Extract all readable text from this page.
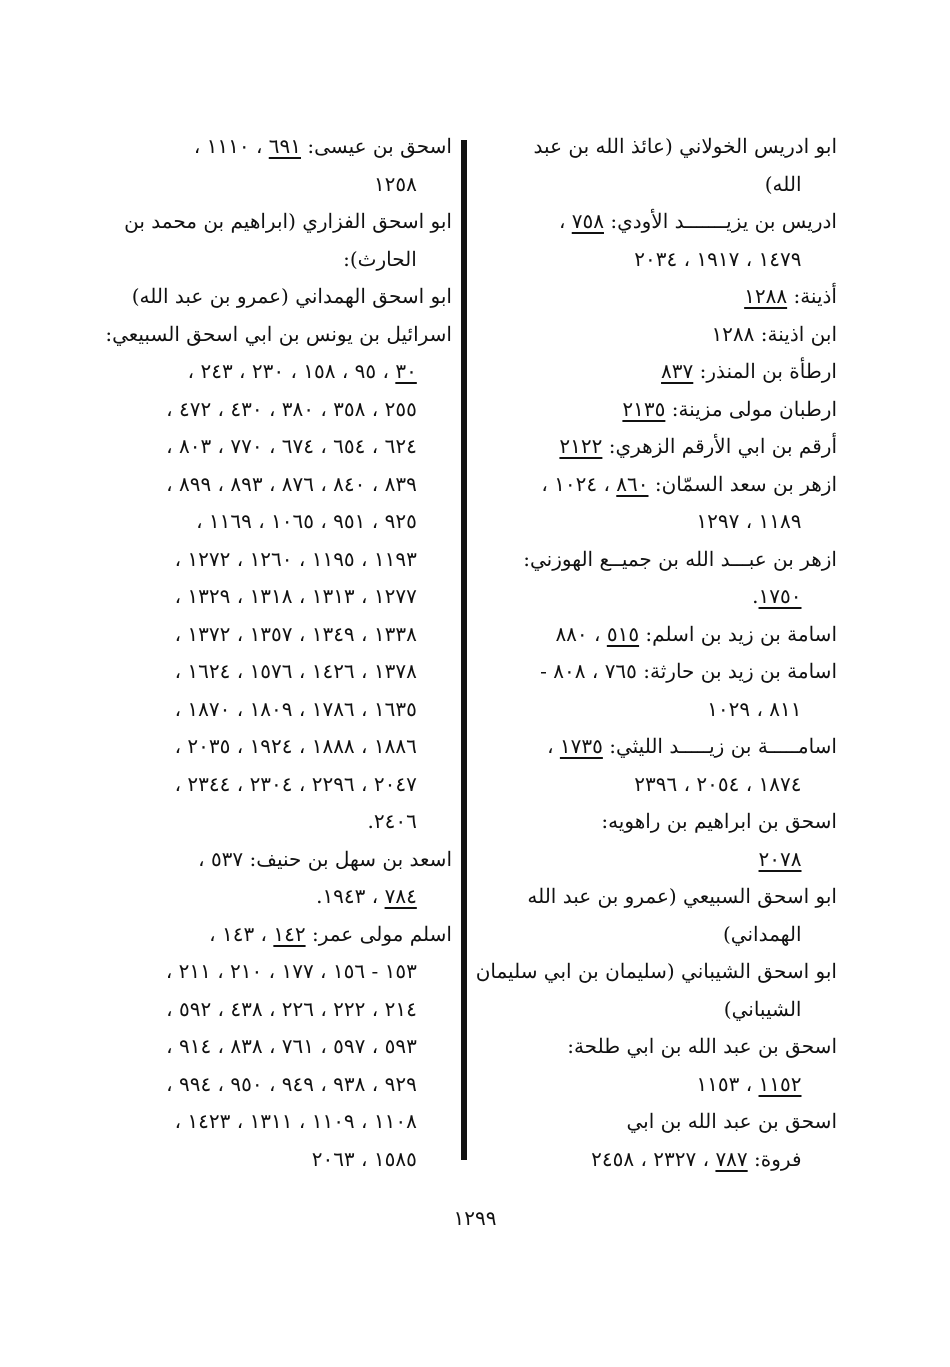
ابو ادريس الخولاني (عائذ الله بن عبد
الله)
ادريس بن يزيـــــــد الأودي: ٧٥٨ ،
١٤٧٩ ، ١٩١٧ ، ٢٠٣٤
أذينة: ١٢٨٨
ابن اذينة: ١٢٨٨
ارطأة بن المنذر: ٨٣٧
ارطبان مولى مزينة: ٢١٣٥
أرقم بن ابي الأرقم الزهري: ٢١٢٢
ازهر بن سعد السمّان: ٨٦٠ ، ١٠٢٤ ،
١١٨٩ ، ١٢٩٧
ازهر بن عبـــد الله بن جميــع الهوزني:
١٧٥٠.
اسامة بن زيد بن اسلم: ٥١٥ ، ٨٨٠
اسامة بن زيد بن حارثة: ٧٦٥ ، ٨٠٨ -
٨١١ ، ١٠٢٩
اسامـــــة بن زيـــــد الليثي: ١٧٣٥ ،
١٨٧٤ ، ٢٠٥٤ ، ٢٣٩٦
اسحق بن ابراهيم بن راهويه:
٢٠٧٨
ابو اسحق السبيعي (عمرو بن عبد الله
الهمداني)
ابو اسحق الشيباني (سليمان بن ابي سليمان
الشيباني)
اسحق بن عبد الله بن ابي طلحة:
١١٥٢ ، ١١٥٣
اسحق بن عبد الله بن ابي
فروة: ٧٨٧ ، ٢٣٢٧ ، ٢٤٥٨
اسحق بن عيسى: ٦٩١ ، ١١١٠ ،
١٢٥٨
ابو اسحق الفزاري (ابراهيم بن محمد بن
الحارث):
ابو اسحق الهمداني (عمرو بن عبد الله)
اسرائيل بن يونس بن ابي اسحق السبيعي:
٣٠ ، ٩٥ ، ١٥٨ ، ٢٣٠ ، ٢٤٣ ،
٢٥٥ ، ٣٥٨ ، ٣٨٠ ، ٤٣٠ ، ٤٧٢ ،
٦٢٤ ، ٦٥٤ ، ٦٧٤ ، ٧٧٠ ، ٨٠٣ ،
٨٣٩ ، ٨٤٠ ، ٨٧٦ ، ٨٩٣ ، ٨٩٩ ،
٩٢٥ ، ٩٥١ ، ١٠٦٥ ، ١١٦٩ ،
١١٩٣ ، ١١٩٥ ، ١٢٦٠ ، ١٢٧٢ ،
١٢٧٧ ، ١٣١٣ ، ١٣١٨ ، ١٣٢٩ ،
١٣٣٨ ، ١٣٤٩ ، ١٣٥٧ ، ١٣٧٢ ،
١٣٧٨ ، ١٤٢٦ ، ١٥٧٦ ، ١٦٢٤ ،
١٦٣٥ ، ١٧٨٦ ، ١٨٠٩ ، ١٨٧٠ ،
١٨٨٦ ، ١٨٨٨ ، ١٩٢٤ ، ٢٠٣٥ ،
٢٠٤٧ ، ٢٢٩٦ ، ٢٣٠٤ ، ٢٣٤٤ ،
٢٤٠٦.
اسعد بن سهل بن حنيف: ٥٣٧ ،
٧٨٤ ، ١٩٤٣.
اسلم مولى عمر: ١٤٢ ، ١٤٣ ،
١٥٣ - ١٥٦ ، ١٧٧ ، ٢١٠ ، ٢١١ ،
٢١٤ ، ٢٢٢ ، ٢٢٦ ، ٤٣٨ ، ٥٩٢ ،
٥٩٣ ، ٥٩٧ ، ٧٦١ ، ٨٣٨ ، ٩١٤ ،
٩٢٩ ، ٩٣٨ ، ٩٤٩ ، ٩٥٠ ، ٩٩٤ ،
١١٠٨ ، ١١٠٩ ، ١٣١١ ، ١٤٢٣ ،
١٥٨٥ ، ٢٠٦٣
١٢٩٩
